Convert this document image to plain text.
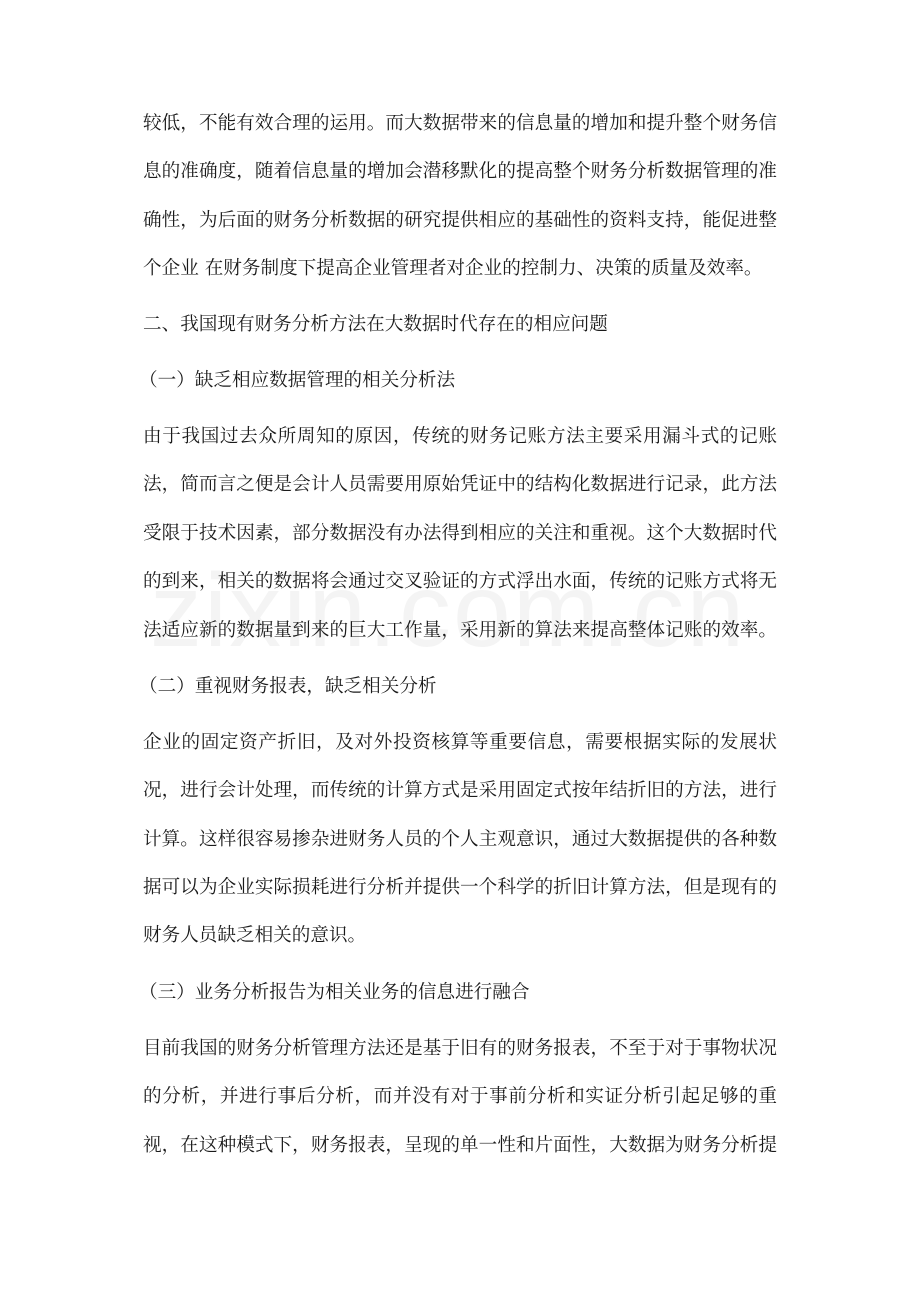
较低，不能有效合理的运用。而大数据带来的信息量的增加和提升整个财务信
息的准确度，随着信息量的增加会潜移默化的提高整个财务分析数据管理的准
确性，为后面的财务分析数据的研究提供相应的基础性的资料支持，能促进整
个企业 在财务制度下提高企业管理者对企业的控制力、决策的质量及效率。
二、我国现有财务分析方法在大数据时代存在的相应问题
（一）缺乏相应数据管理的相关分析法
由于我国过去众所周知的原因，传统的财务记账方法主要采用漏斗式的记账
法，简而言之便是会计人员需要用原始凭证中的结构化数据进行记录，此方法
受限于技术因素，部分数据没有办法得到相应的关注和重视。这个大数据时代
的到来，相关的数据将会通过交叉验证的方式浮出水面，传统的记账方式将无
法适应新的数据量到来的巨大工作量，采用新的算法来提高整体记账的效率。
（二）重视财务报表，缺乏相关分析
企业的固定资产折旧，及对外投资核算等重要信息，需要根据实际的发展状
况，进行会计处理，而传统的计算方式是采用固定式按年结折旧的方法，进行
计算。这样很容易掺杂进财务人员的个人主观意识，通过大数据提供的各种数
据可以为企业实际损耗进行分析并提供一个科学的折旧计算方法，但是现有的
财务人员缺乏相关的意识。
（三）业务分析报告为相关业务的信息进行融合
目前我国的财务分析管理方法还是基于旧有的财务报表，不至于对于事物状况
的分析，并进行事后分析，而并没有对于事前分析和实证分析引起足够的重
视，在这种模式下，财务报表，呈现的单一性和片面性，大数据为财务分析提
